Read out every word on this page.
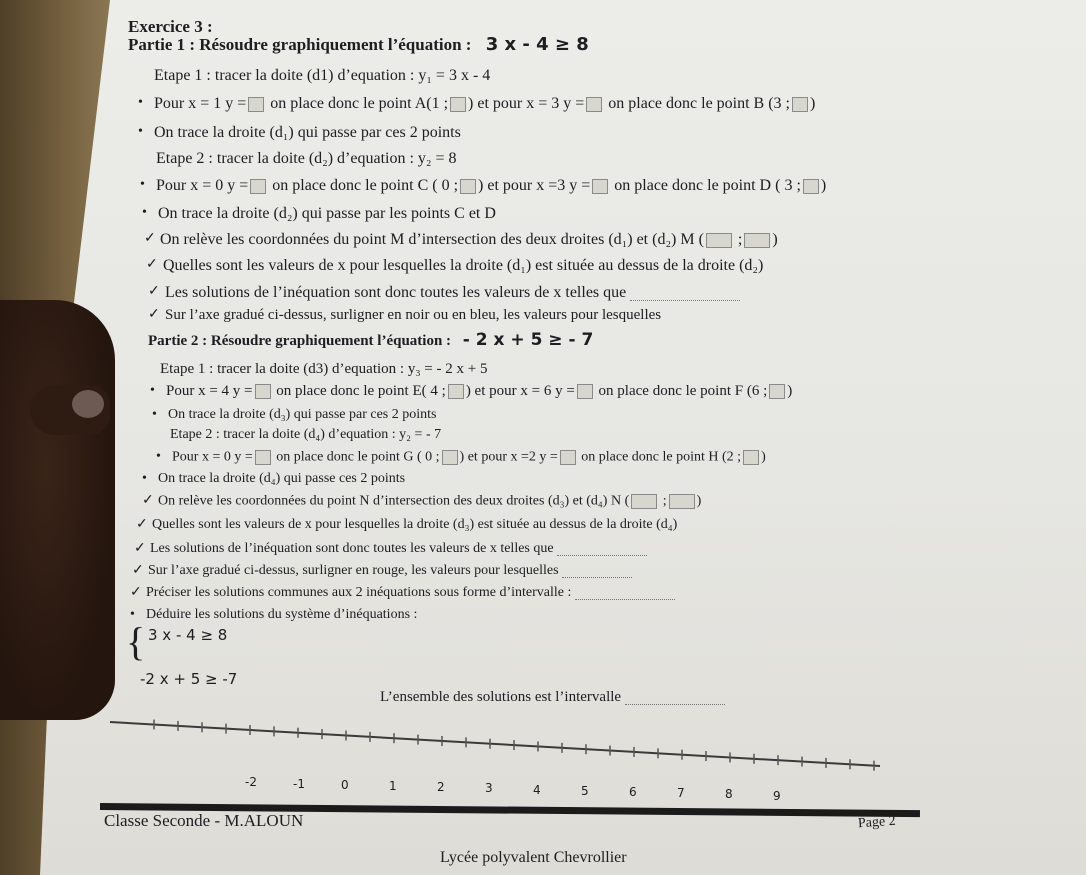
Exercice 3 :
Partie 1 : Résoudre graphiquement l’équation : 3 x - 4 ≥ 8
Etape 1 : tracer la doite (d1) d’equation : y₁ = 3 x - 4
• Pour x = 1 y = on place donc le point A(1 ; ) et pour x = 3 y = on place donc le point B (3 ; )
• On trace la droite (d₁) qui passe par ces 2 points
Etape 2 : tracer la doite (d₂) d’equation : y₂ = 8
• Pour x = 0 y = on place donc le point C ( 0 ; ) et pour x =3 y = on place donc le point D ( 3 ; )
• On trace la droite (d₂) qui passe par les points C et D
✓ On relève les coordonnées du point M d’intersection des deux droites (d₁) et (d₂) M ( ; )
✓ Quelles sont les valeurs de x pour lesquelles la droite (d₁) est située au dessus de la droite (d₂)
✓ Les solutions de l’inéquation sont donc toutes les valeurs de x telles que
✓ Sur l’axe gradué ci-dessus, surligner en noir ou en bleu, les valeurs pour lesquelles
Partie 2 : Résoudre graphiquement l’équation : - 2 x + 5 ≥ - 7
Etape 1 : tracer la doite (d3) d’equation : y₃ = - 2 x + 5
• Pour x = 4 y = on place donc le point E( 4 ; ) et pour x = 6 y = on place donc le point F (6 ; )
• On trace la droite (d₃) qui passe par ces 2 points
Etape 2 : tracer la doite (d₄) d’equation : y₂ = - 7
• Pour x = 0 y = on place donc le point G ( 0 ; ) et pour x =2 y = on place donc le point H (2 ; )
• On trace la droite (d₄) qui passe ces 2 points
✓ On relève les coordonnées du point N d’intersection des deux droites (d₃) et (d₄) N ( ; )
✓ Quelles sont les valeurs de x pour lesquelles la droite (d₃) est située au dessus de la droite (d₄)
✓ Les solutions de l’inéquation sont donc toutes les valeurs de x telles que
✓ Sur l’axe gradué ci-dessus, surligner en rouge, les valeurs pour lesquelles
✓ Préciser les solutions communes aux 2 inéquations sous forme d’intervalle :
• Déduire les solutions du système d’inéquations :
{ 3 x - 4 ≥ 8
-2 x + 5 ≥ -7
L’ensemble des solutions est l’intervalle
-2	-1	0	1	2	3	4	5	6	7	8	9
Classe Seconde - M.ALOUN	Page 2
Lycée polyvalent Chevrollier
